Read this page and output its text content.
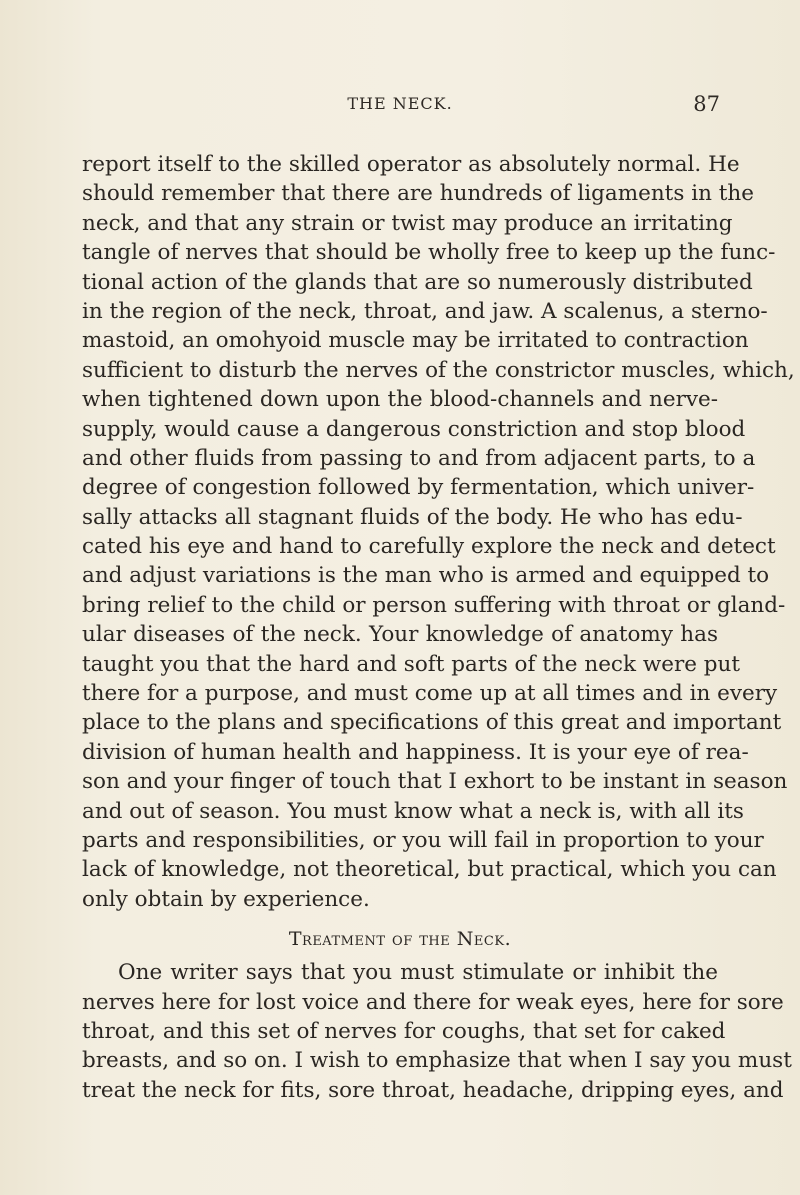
THE NECK.	87
report itself to the skilled operator as absolutely normal. He
should remember that there are hundreds of ligaments in the
neck, and that any strain or twist may produce an irritating
tangle of nerves that should be wholly free to keep up the func-
tional action of the glands that are so numerously distributed
in the region of the neck, throat, and jaw. A scalenus, a sterno-
mastoid, an omohyoid muscle may be irritated to contraction
sufficient to disturb the nerves of the constrictor muscles, which,
when tightened down upon the blood-channels and nerve-
supply, would cause a dangerous constriction and stop blood
and other fluids from passing to and from adjacent parts, to a
degree of congestion followed by fermentation, which univer-
sally attacks all stagnant fluids of the body. He who has edu-
cated his eye and hand to carefully explore the neck and detect
and adjust variations is the man who is armed and equipped to
bring relief to the child or person suffering with throat or gland-
ular diseases of the neck. Your knowledge of anatomy has
taught you that the hard and soft parts of the neck were put
there for a purpose, and must come up at all times and in every
place to the plans and specifications of this great and important
division of human health and happiness. It is your eye of rea-
son and your finger of touch that I exhort to be instant in season
and out of season. You must know what a neck is, with all its
parts and responsibilities, or you will fail in proportion to your
lack of knowledge, not theoretical, but practical, which you can
only obtain by experience.
Treatment of the Neck.
One writer says that you must stimulate or inhibit the
nerves here for lost voice and there for weak eyes, here for sore
throat, and this set of nerves for coughs, that set for caked
breasts, and so on. I wish to emphasize that when I say you must
treat the neck for fits, sore throat, headache, dripping eyes, and
